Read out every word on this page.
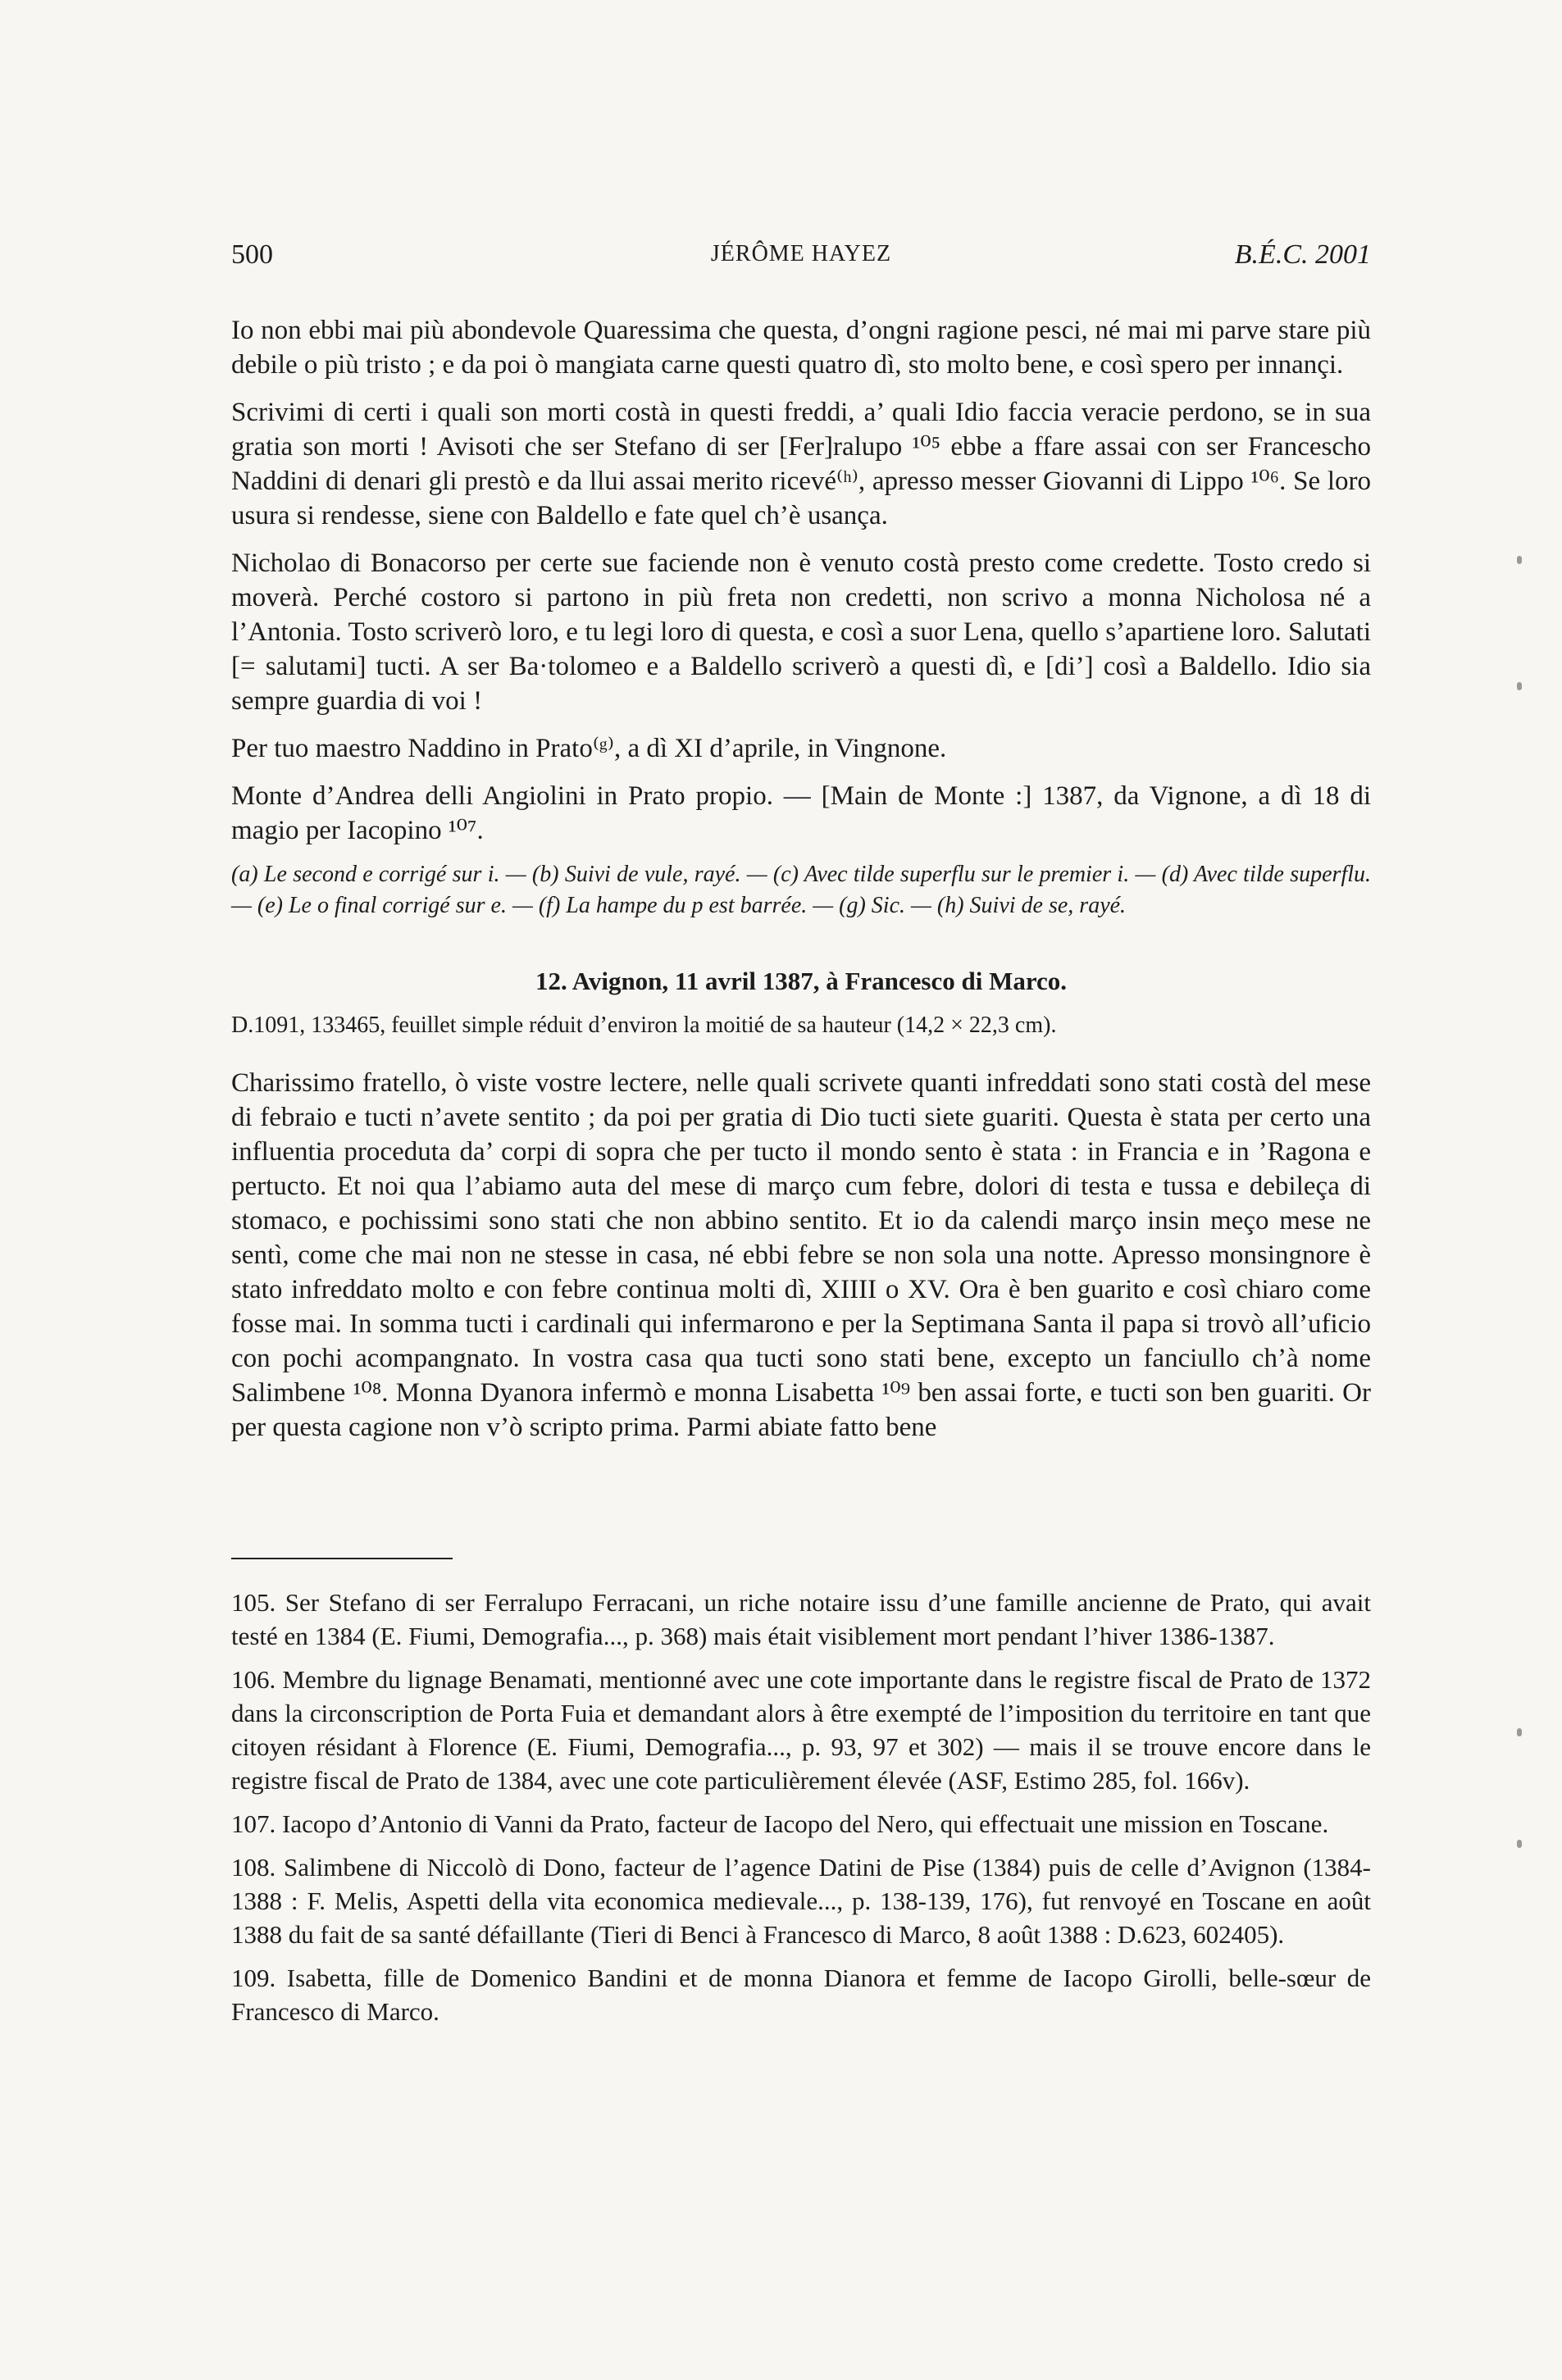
500	JÉRÔME HAYEZ	B.É.C. 2001

Io non ebbi mai più abondevole Quaressima che questa, d’ongni ragione pesci, né mai mi parve stare più debile o più tristo ; e da poi ò mangiata carne questi quatro dì, sto molto bene, e così spero per innançi.

Scrivimi di certi i quali son morti costà in questi freddi, a’ quali Idio faccia veracie perdono, se in sua gratia son morti ! Avisoti che ser Stefano di ser [Fer]ralupo ¹⁰⁵ ebbe a ffare assai con ser Franceschо Naddini di denari gli prestò e da llui assai merito ricevé⁽ʰ⁾, apresso messer Giovanni di Lippo ¹⁰⁶. Se loro usura si rendesse, siene con Baldello e fate quel ch’è usança.

Nicholao di Bonacorso per certe sue faciende non è venuto costà presto come credette. Tosto credo si moverà. Perché costoro si partono in più freta non credetti, non scrivo a monna Nicholosa né a l’Antonia. Tosto scriverò loro, e tu legi loro di questa, e così a suor Lena, quello s’apartiene loro. Salutati [= salutami] tucti. A ser Ba·tolomeo e a Baldello scriverò a questi dì, e [di’] così a Baldello. Idio sia sempre guardia di voi !

Per tuo maestro Naddino in Prato⁽ᵍ⁾, a dì XI d’aprile, in Vingnone.

Monte d’Andrea delli Angiolini in Prato propio. — [Main de Monte :] 1387, da Vignone, a dì 18 di magio per Iacopino ¹⁰⁷.

(a) Le second e corrigé sur i. — (b) Suivi de vule, rayé. — (c) Avec tilde superflu sur le premier i. — (d) Avec tilde superflu. — (e) Le o final corrigé sur e. — (f) La hampe du p est barrée. — (g) Sic. — (h) Suivi de se, rayé.

12. Avignon, 11 avril 1387, à Francesco di Marco.
D.1091, 133465, feuillet simple réduit d’environ la moitié de sa hauteur (14,2 × 22,3 cm).

Charissimo fratello, ò viste vostre lectere, nelle quali scrivete quanti infreddati sono stati costà del mese di febraio e tucti n’avete sentito ; da poi per gratia di Dio tucti siete guariti. Questa è stata per certo una influentia proceduta da’ corpi di sopra che per tucto il mondo sento è stata : in Francia e in ’Ragona e pertucto. Et noi qua l’abiamo auta del mese di marçо cum febre, dolori di testa e tussa e debileça di stomaco, e pochissimi sono stati che non abbino sentito. Et io da calendi marçо insin meço mese ne sentì, come che mai non ne stesse in casa, né ebbi febre se non sola una notte. Apresso monsingnore è stato infreddato molto e con febre continua molti dì, XIIII o XV. Ora è ben guarito e così chiaro come fosse mai. In somma tucti i cardinali qui infermarono e per la Septimana Santa il papa si trovò all’uficio con pochi acompangnato. In vostra casa qua tucti sono stati bene, excepto un fanciullo ch’à nome Salimbene ¹⁰⁸. Monna Dyanora infermò e monna Lisabetta ¹⁰⁹ ben assai forte, e tucti son ben guariti. Or per questa cagione non v’ò scripto prima. Parmi abiate fatto bene

105. Ser Stefano di ser Ferralupo Ferracani, un riche notaire issu d’une famille ancienne de Prato, qui avait testé en 1384 (E. Fiumi, Demografia..., p. 368) mais était visiblement mort pendant l’hiver 1386-1387.

106. Membre du lignage Benamati, mentionné avec une cote importante dans le registre fiscal de Prato de 1372 dans la circonscription de Porta Fuia et demandant alors à être exempté de l’imposition du territoire en tant que citoyen résidant à Florence (E. Fiumi, Demografia..., p. 93, 97 et 302) — mais il se trouve encore dans le registre fiscal de Prato de 1384, avec une cote particulièrement élevée (ASF, Estimo 285, fol. 166v).

107. Iacopo d’Antonio di Vanni da Prato, facteur de Iacopo del Nero, qui effectuait une mission en Toscane.

108. Salimbene di Niccolò di Dono, facteur de l’agence Datini de Pise (1384) puis de celle d’Avignon (1384-1388 : F. Melis, Aspetti della vita economica medievale..., p. 138-139, 176), fut renvoyé en Toscane en août 1388 du fait de sa santé défaillante (Tieri di Benci à Francesco di Marco, 8 août 1388 : D.623, 602405).

109. Isabetta, fille de Domenico Bandini et de monna Dianora et femme de Iacopo Girolli, belle-sœur de Francesco di Marco.
